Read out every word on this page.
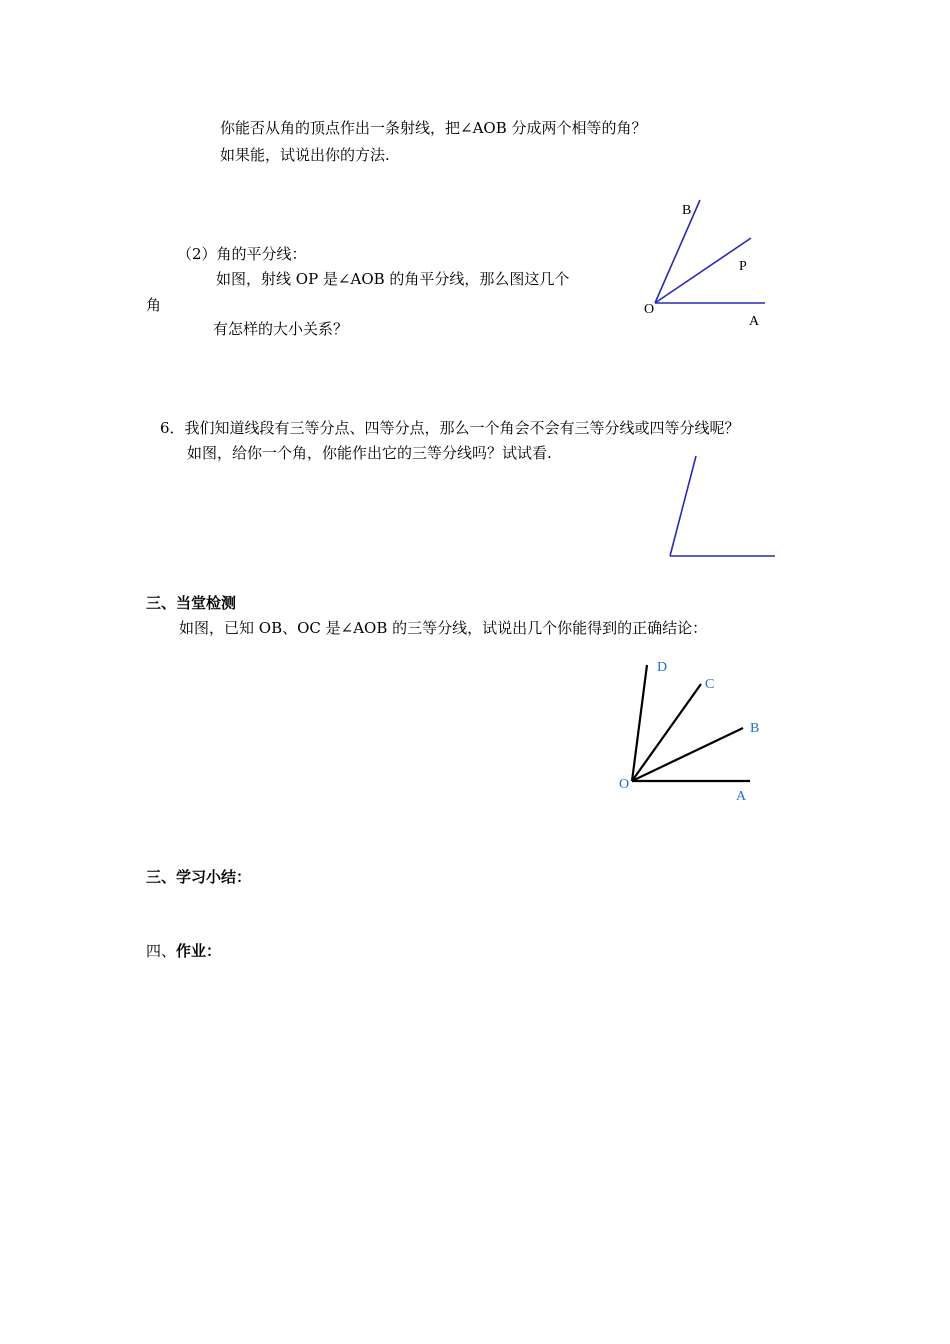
你能否从角的顶点作出一条射线，把∠AOB 分成两个相等的角？
如果能，试说出你的方法.
（2）角的平分线：
如图，射线 OP 是∠AOB 的角平分线，那么图这几个
角
有怎样的大小关系？
B
P
O
A
6．我们知道线段有三等分点、四等分点，那么一个角会不会有三等分线或四等分线呢？
如图，给你一个角，你能作出它的三等分线吗？试试看.
三、当堂检测
如图，已知 OB、OC 是∠AOB 的三等分线，试说出几个你能得到的正确结论：
D
C
B
O
A
三、学习小结：
四、作业：
